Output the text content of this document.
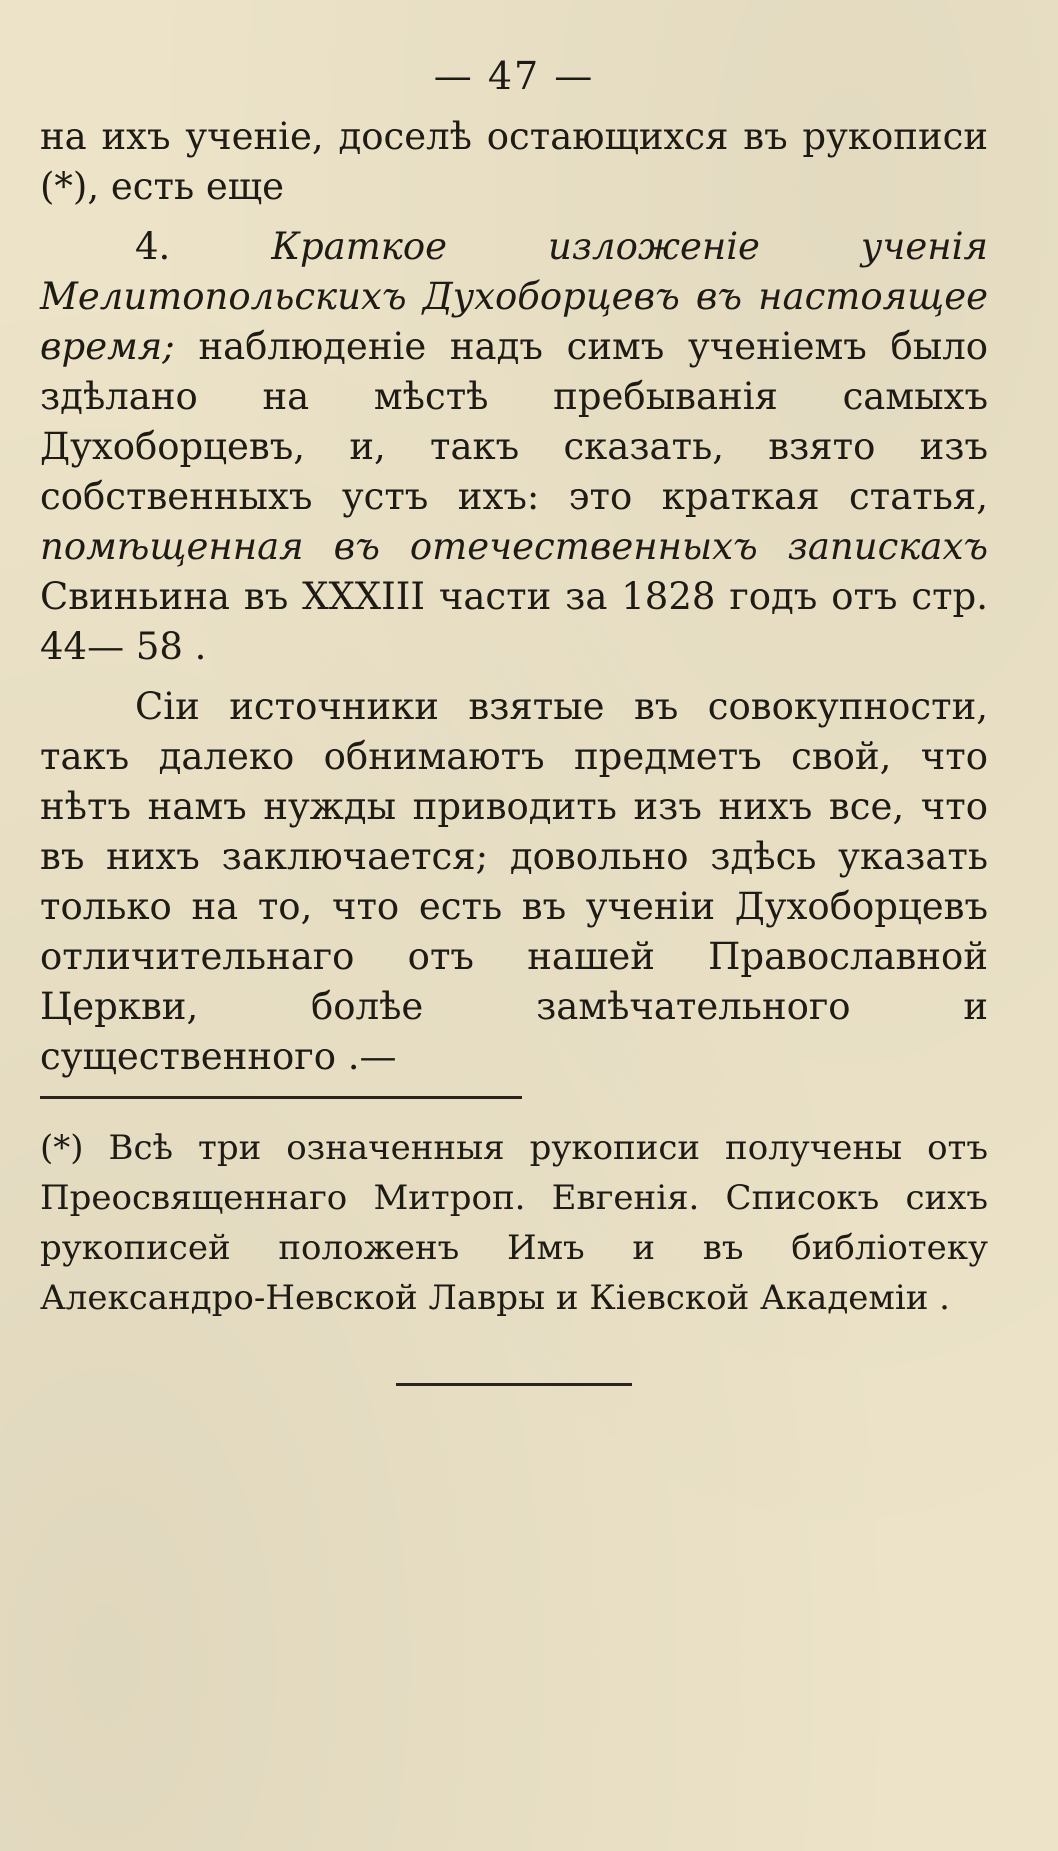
— 47 —

на ихъ ученіе, доселѣ остающихся въ рукописи (*), есть еще

4.	Краткое изложеніе ученія Мелитопольскихъ Духоборцевъ въ настоящее время; наблюденіе надъ симъ ученіемъ было здѣлано на мѣстѣ пребыванія самыхъ Духоборцевъ, и, такъ сказать, взято изъ собственныхъ устъ ихъ: это краткая статья, помѣщенная въ отечественныхъ запискахъ Свиньина въ XXXIII части за 1828 годъ отъ стр. 44— 58 .

Сіи источники взятые въ совокупности, такъ далеко обнимаютъ предметъ свой, что нѣтъ намъ нужды приводить изъ нихъ все, что въ нихъ заключается; довольно здѣсь указать только на то, что есть въ ученіи Духоборцевъ отличительнаго отъ нашей Православной Церкви, болѣе замѣчательного и существенного .—

(*) Всѣ три означенныя рукописи получены отъ Преосвященнаго Митроп. Евгенія. Списокъ сихъ рукописей положенъ Имъ и въ библіотеку Александро-Невской Лавры и Кіевской Академіи .
